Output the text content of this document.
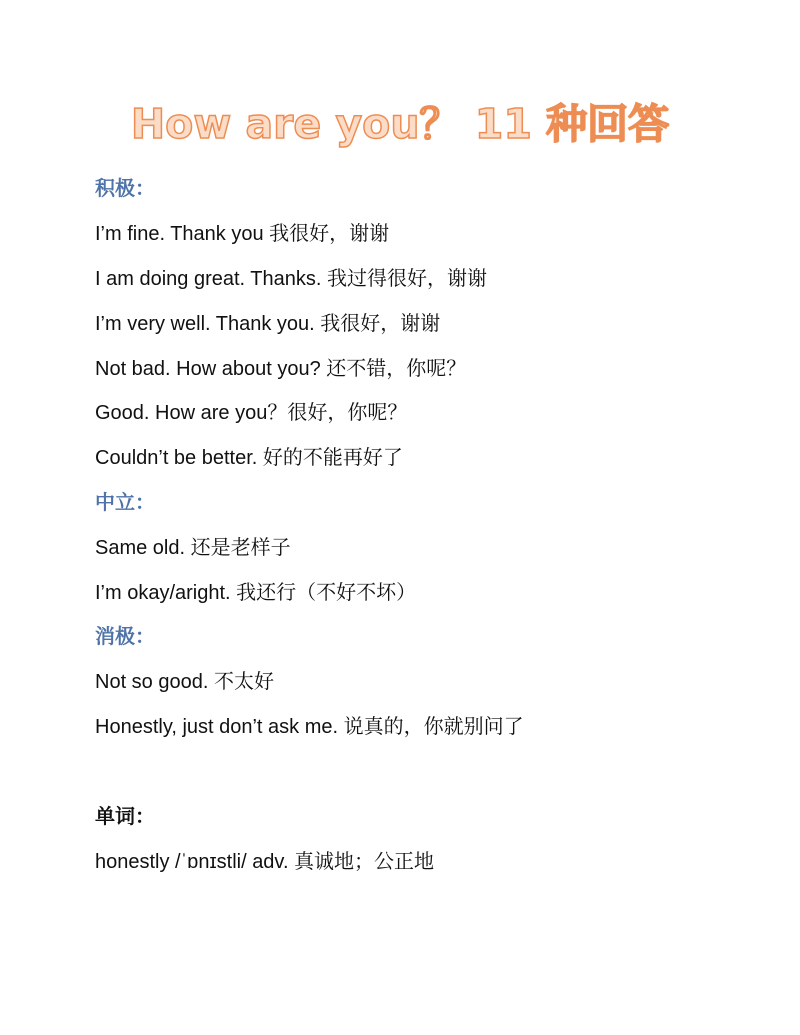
How are you？ 11 种回答

积极：

I’m fine. Thank you 我很好，谢谢

I am doing great. Thanks. 我过得很好，谢谢

I’m very well. Thank you. 我很好，谢谢

Not bad. How about you? 还不错，你呢？

Good. How are you？很好，你呢？

Couldn’t be better. 好的不能再好了

中立：

Same old. 还是老样子

I’m okay/aright. 我还行（不好不坏）

消极：

Not so good. 不太好

Honestly, just don’t ask me. 说真的，你就别问了

单词：

honestly /ˈɒnɪstli/ adv. 真诚地；公正地
